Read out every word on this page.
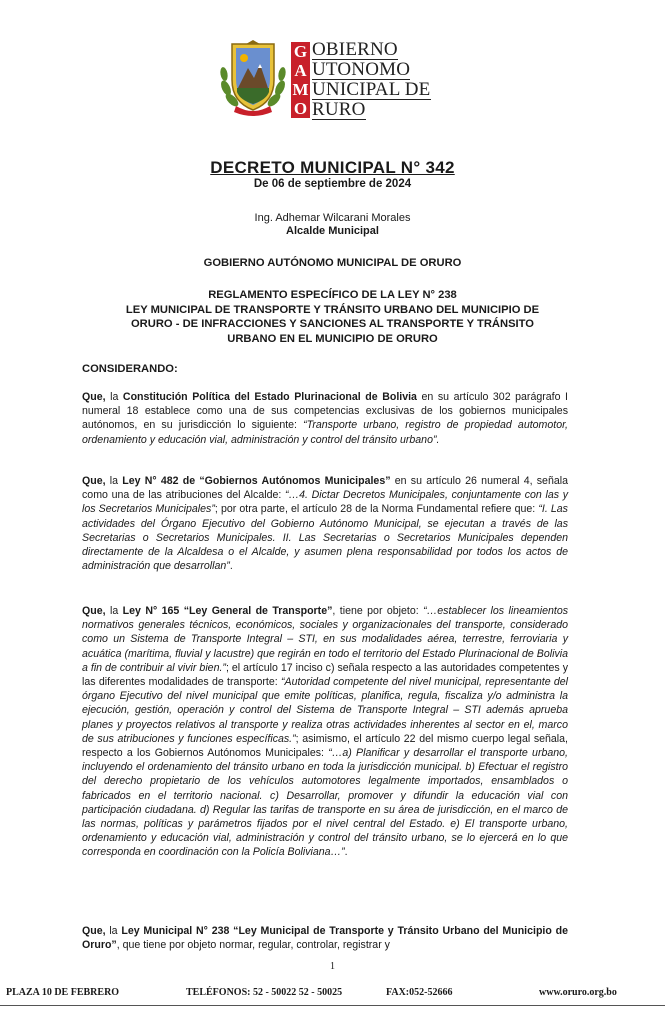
G
A
M
O
OBIERNO
UTONOMO
UNICIPAL DE
RURO
DECRETO MUNICIPAL N° 342
De 06 de septiembre de 2024
Ing. Adhemar Wilcarani Morales
Alcalde Municipal
GOBIERNO AUTÓNOMO MUNICIPAL DE ORURO
REGLAMENTO ESPECÍFICO DE LA LEY N° 238
LEY MUNICIPAL DE TRANSPORTE Y TRÁNSITO URBANO DEL MUNICIPIO DE
ORURO - DE INFRACCIONES Y SANCIONES AL TRANSPORTE Y TRÁNSITO
URBANO EN EL MUNICIPIO DE ORURO
CONSIDERANDO:
Que, la Constitución Política del Estado Plurinacional de Bolivia en su artículo 302 parágrafo I numeral 18 establece como una de sus competencias exclusivas de los gobiernos municipales autónomos, en su jurisdicción lo siguiente: “Transporte urbano, registro de propiedad automotor, ordenamiento y educación vial, administración y control del tránsito urbano”.
Que, la Ley N° 482 de “Gobiernos Autónomos Municipales” en su artículo 26 numeral 4, señala como una de las atribuciones del Alcalde: “…4. Dictar Decretos Municipales, conjuntamente con las y los Secretarios Municipales”; por otra parte, el artículo 28 de la Norma Fundamental refiere que: “I. Las actividades del Órgano Ejecutivo del Gobierno Autónomo Municipal, se ejecutan a través de las Secretarias o Secretarios Municipales. II. Las Secretarias o Secretarios Municipales dependen directamente de la Alcaldesa o el Alcalde, y asumen plena responsabilidad por todos los actos de administración que desarrollan”.
Que, la Ley N° 165 “Ley General de Transporte”, tiene por objeto: “…establecer los lineamientos normativos generales técnicos, económicos, sociales y organizacionales del transporte, considerado como un Sistema de Transporte Integral – STI, en sus modalidades aérea, terrestre, ferroviaria y acuática (marítima, fluvial y lacustre) que regirán en todo el territorio del Estado Plurinacional de Bolivia a fin de contribuir al vivir bien.”; el artículo 17 inciso c) señala respecto a las autoridades competentes y las diferentes modalidades de transporte: “Autoridad competente del nivel municipal, representante del órgano Ejecutivo del nivel municipal que emite políticas, planifica, regula, fiscaliza y/o administra la ejecución, gestión, operación y control del Sistema de Transporte Integral – STI además aprueba planes y proyectos relativos al transporte y realiza otras actividades inherentes al sector en el, marco de sus atribuciones y funciones específicas.”; asimismo, el artículo 22 del mismo cuerpo legal señala, respecto a los Gobiernos Autónomos Municipales: “…a) Planificar y desarrollar el transporte urbano, incluyendo el ordenamiento del tránsito urbano en toda la jurisdicción municipal. b) Efectuar el registro del derecho propietario de los vehículos automotores legalmente importados, ensamblados o fabricados en el territorio nacional. c) Desarrollar, promover y difundir la educación vial con participación ciudadana. d) Regular las tarifas de transporte en su área de jurisdicción, en el marco de las normas, políticas y parámetros fijados por el nivel central del Estado. e) El transporte urbano, ordenamiento y educación vial, administración y control del tránsito urbano, se lo ejercerá en lo que corresponda en coordinación con la Policía Boliviana…”.
Que, la Ley Municipal N° 238 “Ley Municipal de Transporte y Tránsito Urbano del Municipio de Oruro”, que tiene por objeto normar, regular, controlar, registrar y
1
PLAZA 10 DE FEBRERO	TELÉFONOS: 52 - 50022 52 - 50025	FAX:052-52666	www.oruro.org.bo
